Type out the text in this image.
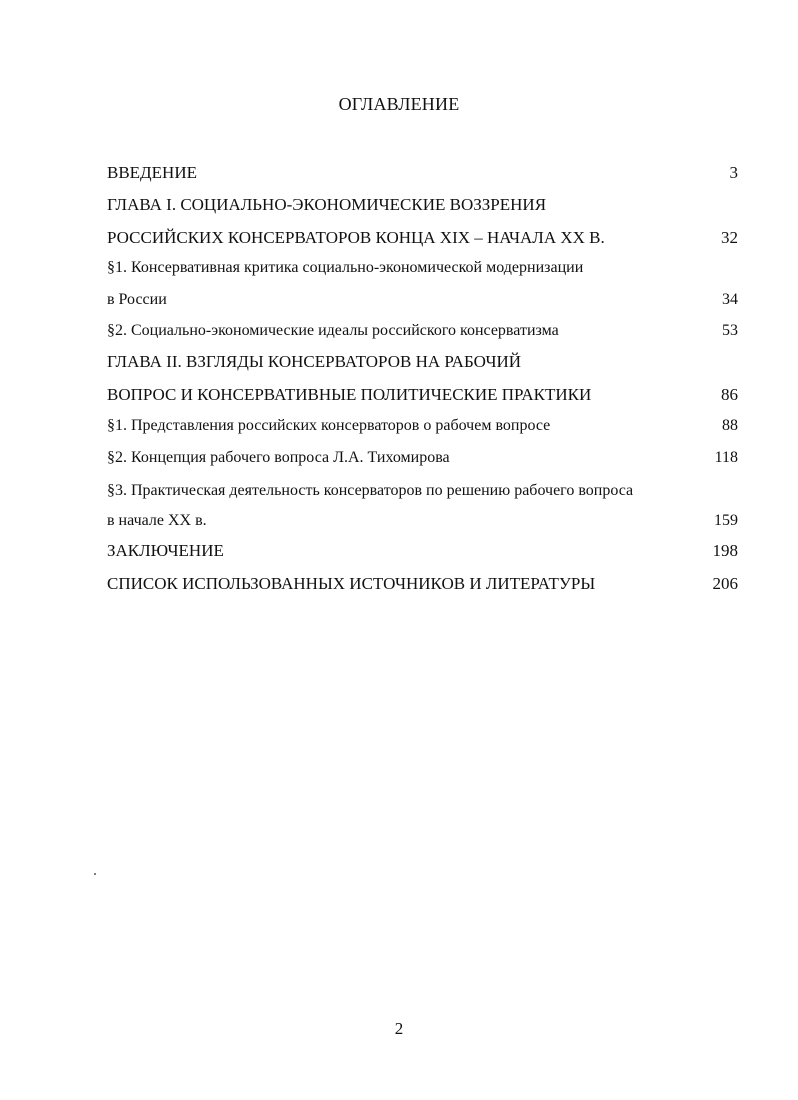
ОГЛАВЛЕНИЕ
ВВЕДЕНИЕ	3
ГЛАВА I. СОЦИАЛЬНО-ЭКОНОМИЧЕСКИЕ ВОЗЗРЕНИЯ
РОССИЙСКИХ КОНСЕРВАТОРОВ КОНЦА XIX – НАЧАЛА XX В.	32
§1. Консервативная критика социально-экономической модернизации
в России	34
§2. Социально-экономические идеалы российского консерватизма	53
ГЛАВА II. ВЗГЛЯДЫ КОНСЕРВАТОРОВ НА РАБОЧИЙ
ВОПРОС И КОНСЕРВАТИВНЫЕ ПОЛИТИЧЕСКИЕ ПРАКТИКИ	86
§1. Представления российских консерваторов о рабочем вопросе	88
§2. Концепция рабочего вопроса Л.А. Тихомирова	118
§3. Практическая деятельность консерваторов по решению рабочего вопроса
в начале XX в.	159
ЗАКЛЮЧЕНИЕ	198
СПИСОК ИСПОЛЬЗОВАННЫХ ИСТОЧНИКОВ И ЛИТЕРАТУРЫ	206
2
